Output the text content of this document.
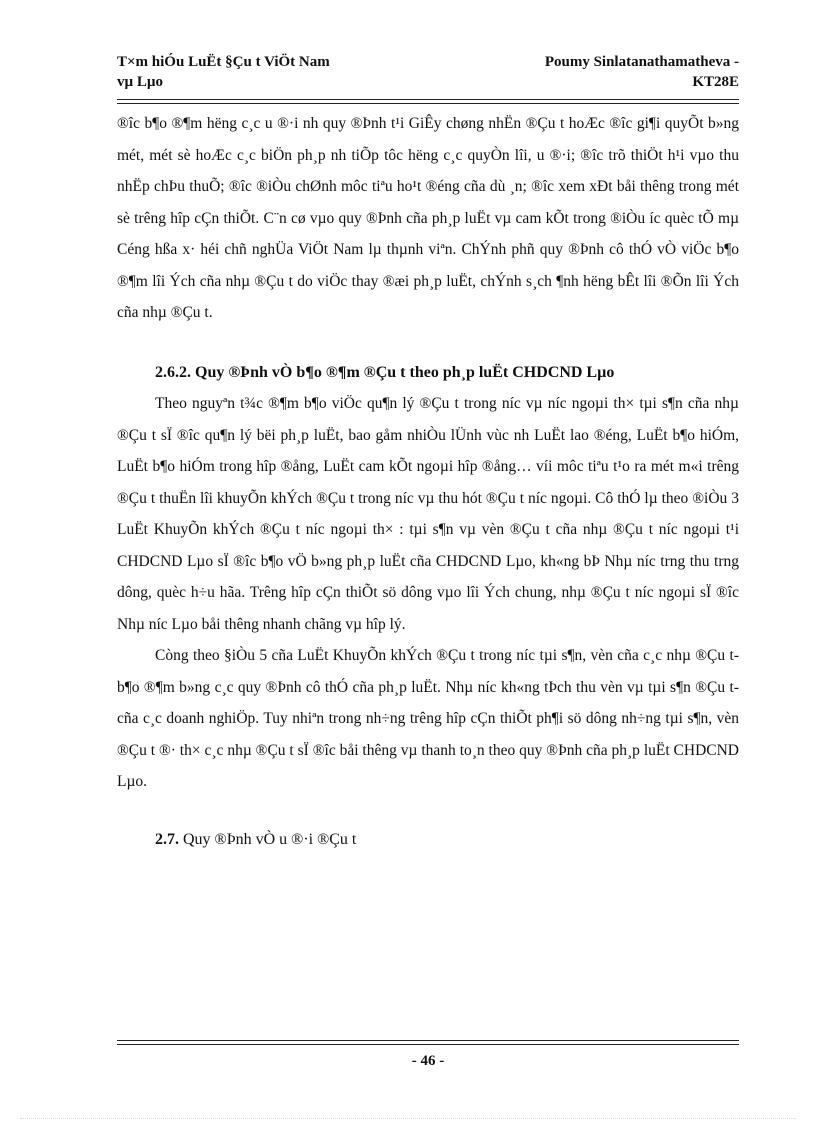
T×m hiÓu LuËt §Çu t ViÖt Nam
vµ Lµo
Poumy Sinlatanathamatheva -
KT28E

®îc b¶o ®¶m hëng c¸c u ®·i nh quy ®Þnh t¹i GiÊy chøng nhËn ®Çu t hoÆc ®îc gi¶i quyÕt b»ng mét, mét sè hoÆc c¸c biÖn ph¸p nh tiÕp tôc hëng c¸c quyÒn lîi, u ®·i; ®îc trõ thiÖt h¹i vµo thu nhËp chÞu thuÕ; ®îc ®iÒu chØnh môc tiªu ho¹t ®éng cña dù ¸n; ®îc xem xÐt båi thêng trong mét sè trêng hîp cÇn thiÕt. C¨n cø vµo quy ®Þnh cña ph¸p luËt vµ cam kÕt trong ®iÒu íc quèc tÕ mµ Céng hßa x· héi chñ nghÜa ViÖt Nam lµ thµnh viªn. ChÝnh phñ quy ®Þnh cô thÓ vÒ viÖc b¶o ®¶m lîi Ých cña nhµ ®Çu t do viÖc thay ®æi ph¸p luËt, chÝnh s¸ch ¶nh hëng bÊt lîi ®Õn lîi Ých cña nhµ ®Çu t.

2.6.2. Quy ®Þnh vÒ b¶o ®¶m ®Çu t theo ph¸p luËt CHDCND Lµo

Theo nguyªn t¾c ®¶m b¶o viÖc qu¶n lý ®Çu t trong níc vµ níc ngoµi th× tµi s¶n cña nhµ ®Çu t sÏ ®îc qu¶n lý bëi ph¸p luËt, bao gåm nhiÒu lÜnh vùc nh LuËt lao ®éng, LuËt b¶o hiÓm, LuËt b¶o hiÓm trong hîp ®ång, LuËt cam kÕt ngoµi hîp ®ång… víi môc tiªu t¹o ra mét m«i trêng ®Çu t thuËn lîi khuyÕn khÝch ®Çu t trong níc vµ thu hót ®Çu t níc ngoµi. Cô thÓ lµ theo ®iÒu 3 LuËt KhuyÕn khÝch ®Çu t níc ngoµi th× : tµi s¶n vµ vèn ®Çu t cña nhµ ®Çu t níc ngoµi t¹i CHDCND Lµo sÏ ®îc b¶o vÖ b»ng ph¸p luËt cña CHDCND Lµo, kh«ng bÞ Nhµ níc trng thu trng dông, quèc h÷u hãa. Trêng hîp cÇn thiÕt sö dông vµo lîi Ých chung, nhµ ®Çu t níc ngoµi sÏ ®îc Nhµ níc Lµo båi thêng nhanh chãng vµ hîp lý.

Còng theo §iÒu 5 cña LuËt KhuyÕn khÝch ®Çu t trong níc tµi s¶n, vèn cña c¸c nhµ ®Çu t b¶o ®¶m b»ng c¸c quy ®Þnh cô thÓ cña ph¸p luËt. Nhµ níc kh«ng tÞch thu vèn vµ tµi s¶n ®Çu t cña c¸c doanh nghiÖp. Tuy nhiªn trong nh÷ng trêng hîp cÇn thiÕt ph¶i sö dông nh÷ng tµi s¶n, vèn ®Çu t ®· th× c¸c nhµ ®Çu t sÏ ®îc båi thêng vµ thanh to¸n theo quy ®Þnh cña ph¸p luËt CHDCND Lµo.

2.7. Quy ®Þnh vÒ u ®·i ®Çu t

- 46 -
